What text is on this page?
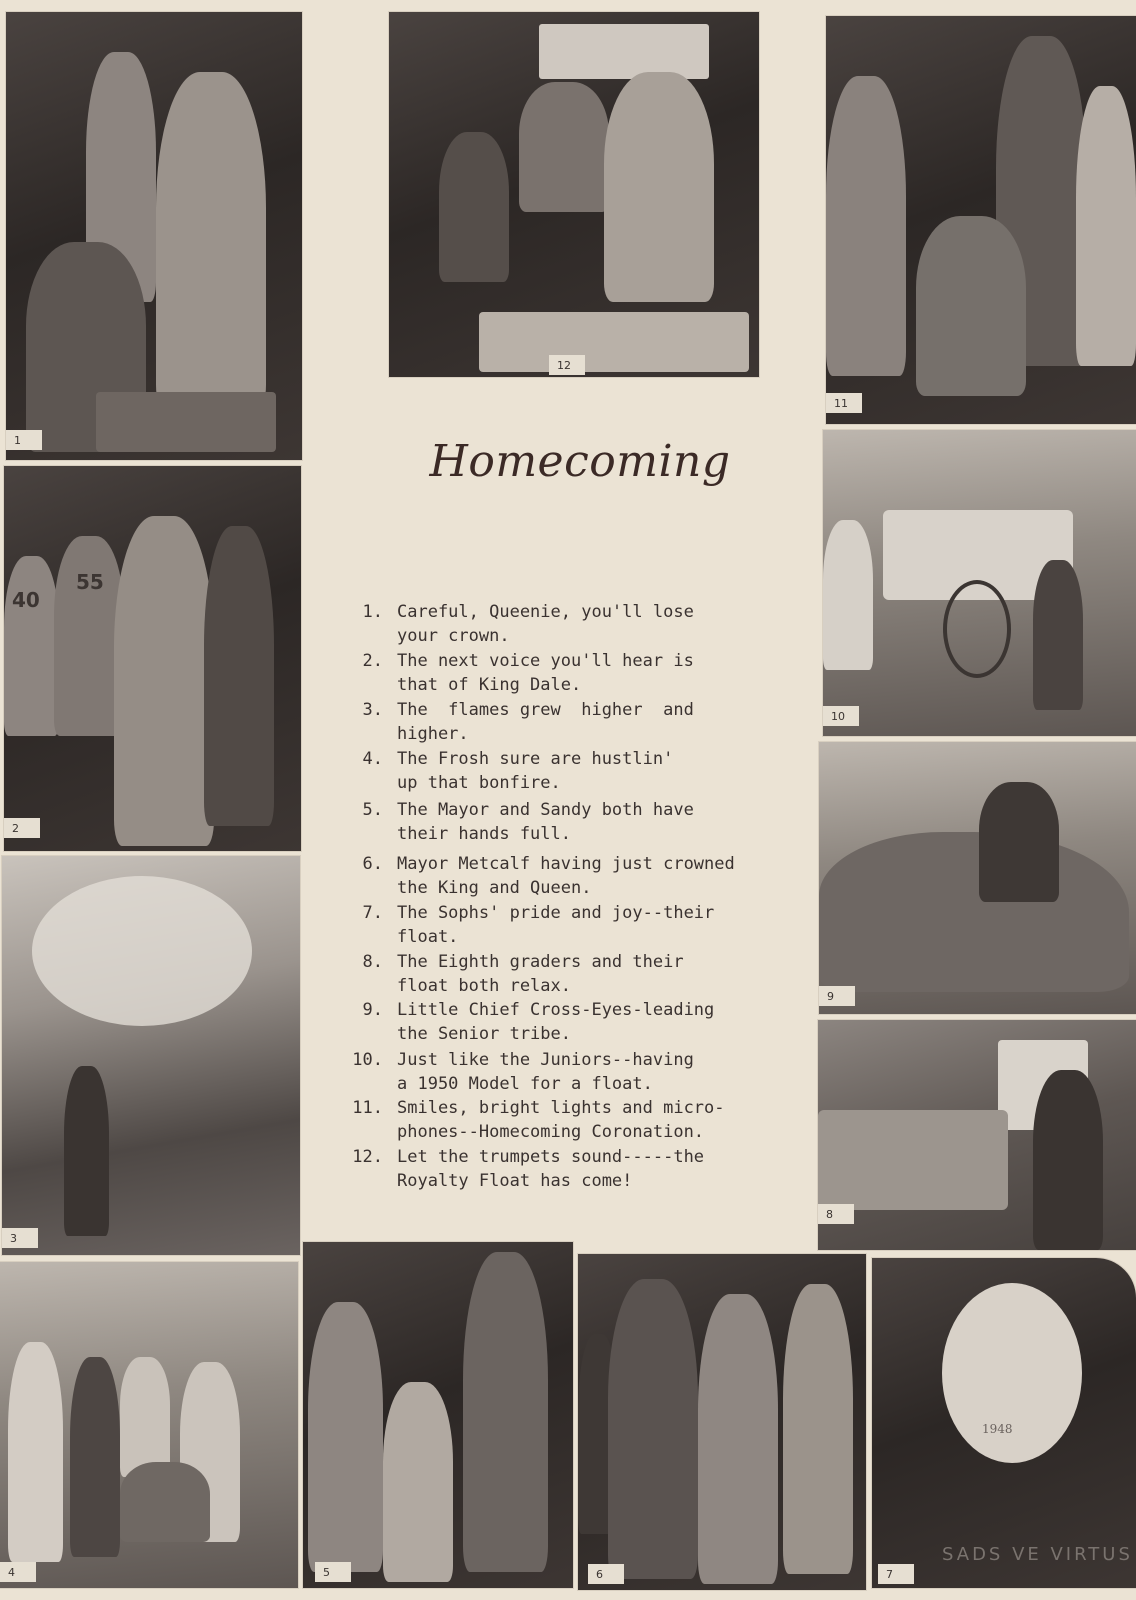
1
12
11
40
55
2
10
3
9
8
4	5	6
1948
SADS VE VIRTUS
7
Homecoming
1. Careful, Queenie, you'll lose
your crown.
2. The next voice you'll hear is
that of King Dale.
3. The  flames grew  higher  and
higher.
4. The Frosh sure are hustlin'
up that bonfire.
5. The Mayor and Sandy both have
their hands full.
6. Mayor Metcalf having just crowned
the King and Queen.
7. The Sophs' pride and joy--their
float.
8. The Eighth graders and their
float both relax.
9. Little Chief Cross-Eyes-leading
the Senior tribe.
10. Just like the Juniors--having
a 1950 Model for a float.
11. Smiles, bright lights and micro-
phones--Homecoming Coronation.
12. Let the trumpets sound-----the
Royalty Float has come!
